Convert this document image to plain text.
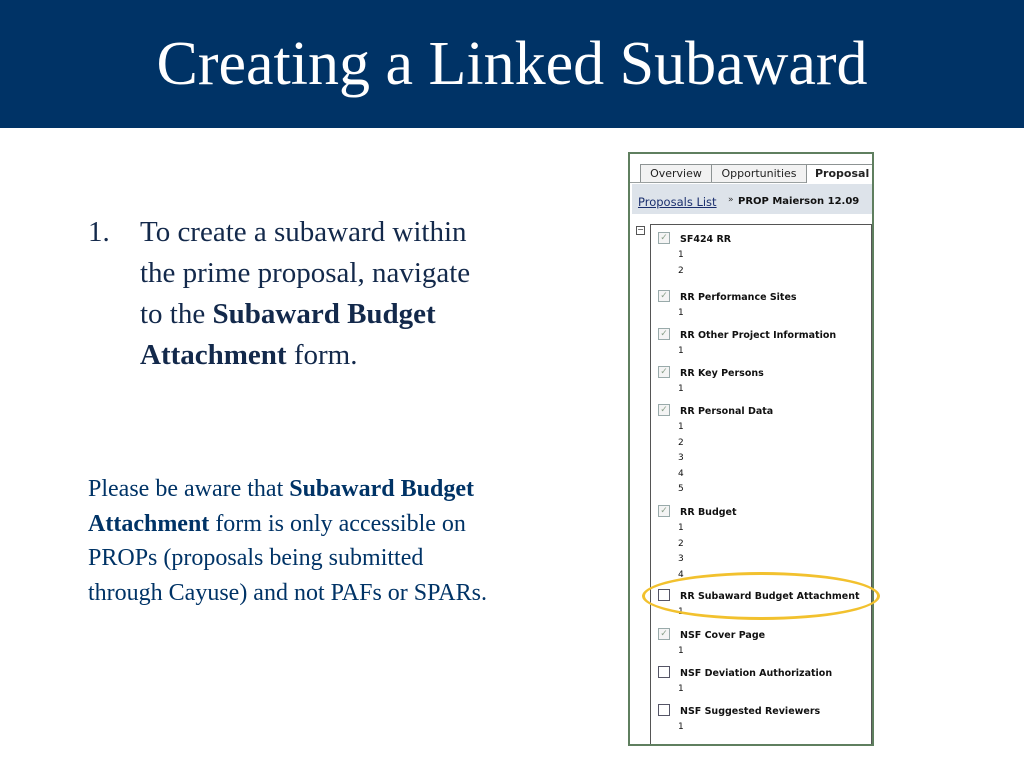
Creating a Linked Subaward
1. To create a subaward within the prime proposal, navigate to the Subaward Budget Attachment form.
Please be aware that Subaward Budget Attachment form is only accessible on PROPs (proposals being submitted through Cayuse) and not PAFs or SPARs.
Overview	Opportunities	Proposal
Proposals List » PROP Maierson 12.09
−
✓ SF424 RR
1
2
✓ RR Performance Sites
1
✓ RR Other Project Information
1
✓ RR Key Persons
1
✓ RR Personal Data
1
2
3
4
5
✓ RR Budget
1
2
3
4
RR Subaward Budget Attachment
1
✓ NSF Cover Page
1
NSF Deviation Authorization
1
NSF Suggested Reviewers
1
